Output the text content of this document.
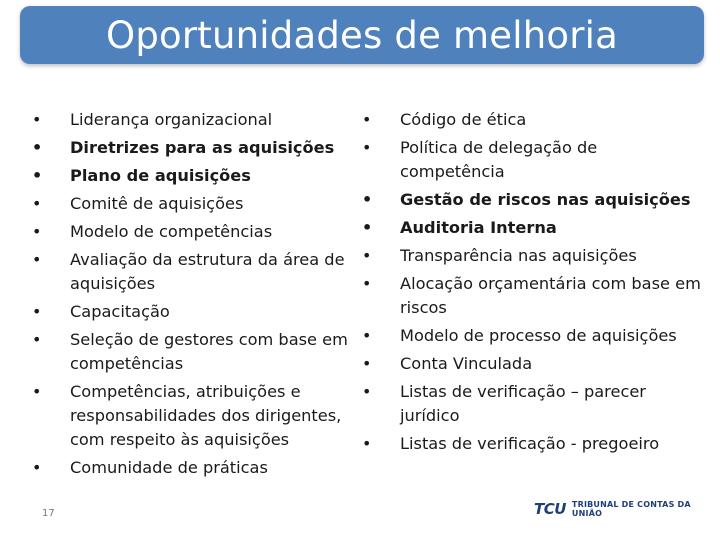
Oportunidades de melhoria
• Liderança organizacional
• Diretrizes para as aquisições
• Plano de aquisições
• Comitê de aquisições
• Modelo de competências
• Avaliação da estrutura da área de aquisições
• Capacitação
• Seleção de gestores com base em competências
• Competências, atribuições e responsabilidades dos dirigentes, com respeito às aquisições
• Comunidade de práticas
• Código de ética
• Política de delegação de competência
• Gestão de riscos nas aquisições
• Auditoria Interna
• Transparência nas aquisições
• Alocação orçamentária com base em riscos
• Modelo de processo de aquisições
• Conta Vinculada
• Listas de verificação – parecer jurídico
• Listas de verificação - pregoeiro
17	TCU TRIBUNAL DE CONTAS DA UNIÃO
